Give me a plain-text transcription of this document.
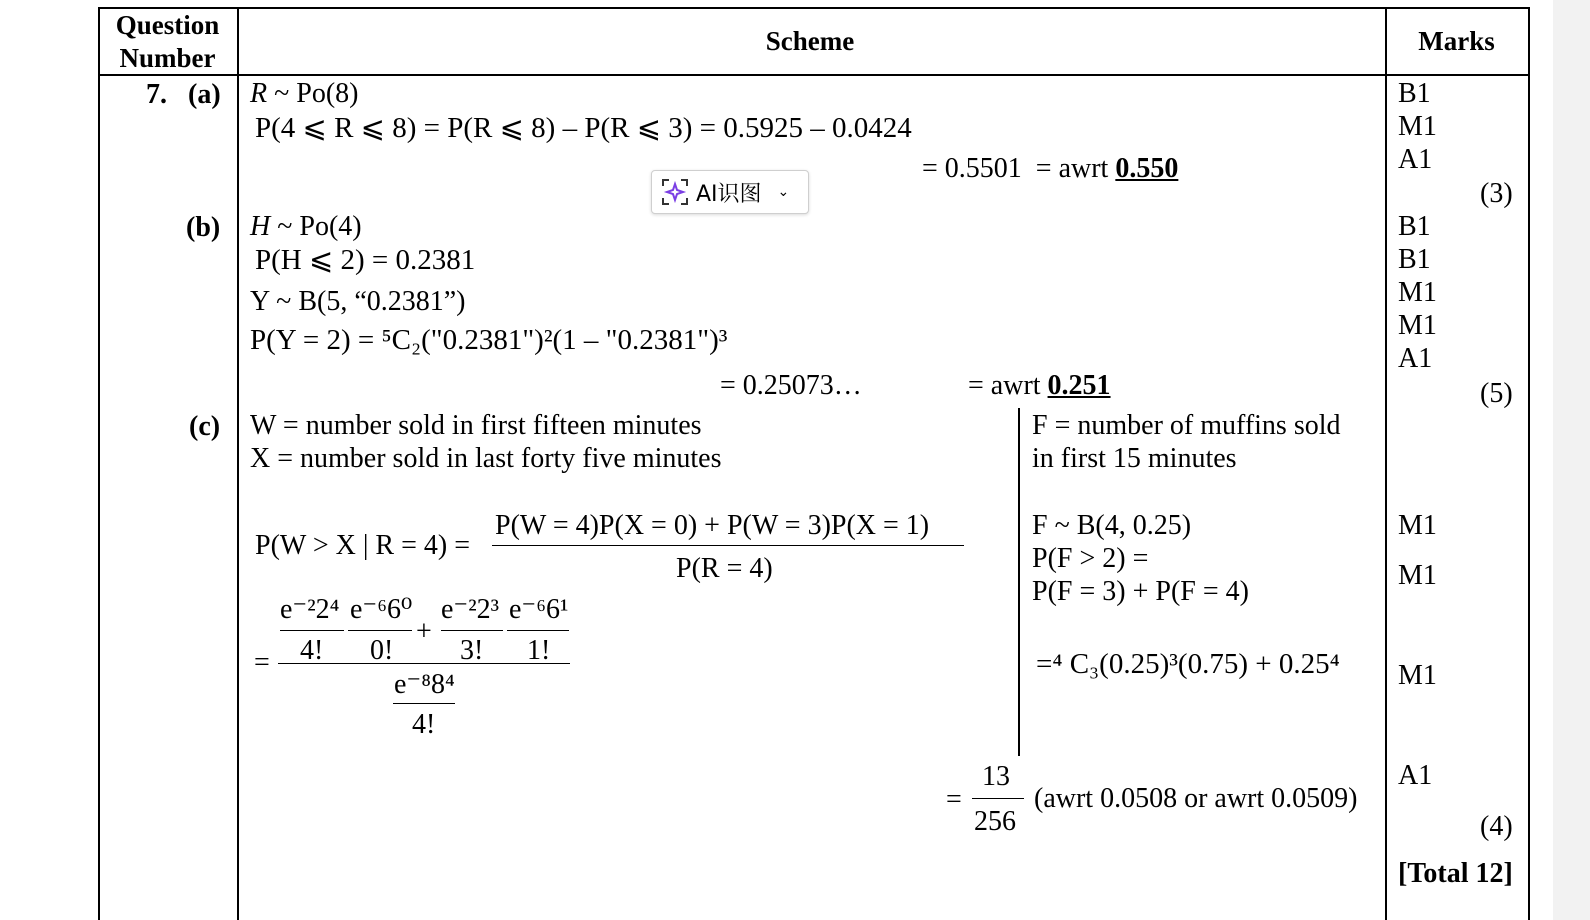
Question
Number
Scheme	Marks
7. (a)
(b)
(c)
R ~ Po(8)
P(4 ⩽ R ⩽ 8) = P(R ⩽ 8) – P(R ⩽ 3) = 0.5925 – 0.0424
= 0.5501 = awrt 0.550
AI识图 ⌄
H ~ Po(4)
P(H ⩽ 2) = 0.2381
Y ~ B(5, “0.2381”)
P(Y = 2) = ⁵C₂("0.2381")²(1 – "0.2381")³
= 0.25073…	= awrt 0.251
W = number sold in first fifteen minutes
X = number sold in last forty five minutes
P(W > X | R = 4) =
P(W = 4)P(X = 0) + P(W = 3)P(X = 1)
P(R = 4)
=
e⁻²2⁴
4!
e⁻⁶6⁰
0!
+
e⁻²2³
3!
e⁻⁶6¹
1!
e⁻⁸8⁴
4!
F = number of muffins sold
in first 15 minutes
F ~ B(4, 0.25)
P(F > 2) =
P(F = 3) + P(F = 4)
=⁴ C₃(0.25)³(0.75) + 0.25⁴
=
13
256
(awrt 0.0508 or awrt 0.0509)
B1
M1
A1
(3)
B1
B1
M1
M1
A1
(5)
M1
M1
M1
A1
(4)
[Total 12]
